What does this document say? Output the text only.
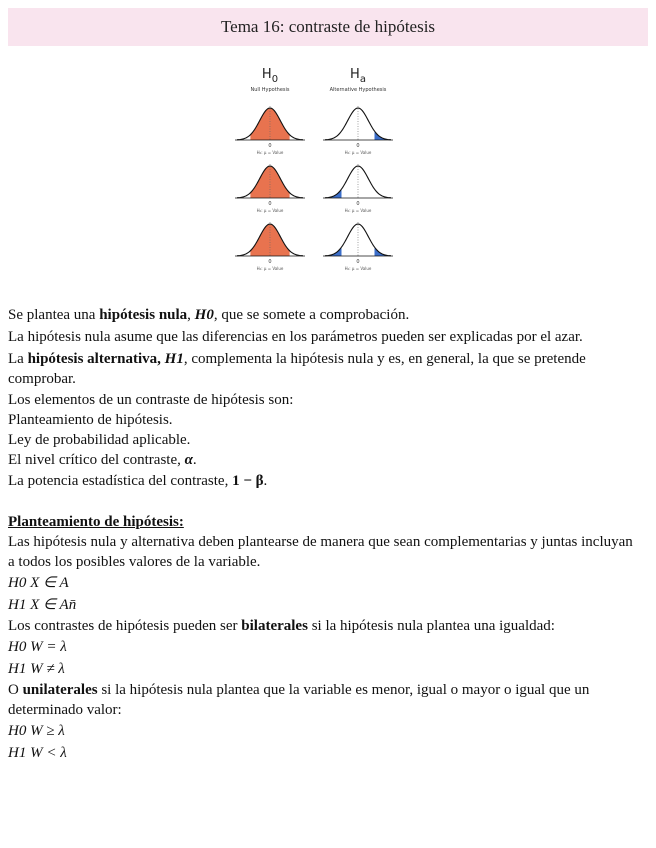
Tema 16: contraste de hipótesis
$H_0$
Null Hypothesis
$H_a$
Alternative Hypothesis
0
H₀: μ = Value
0
H₀: μ = Value
0
H₀: μ = Value
0
H₀: μ = Value
0
H₀: μ = Value
0
H₀: μ = Value

Se plantea una hipótesis nula, H0, que se somete a comprobación.

La hipótesis nula asume que las diferencias en los parámetros pueden ser explicadas por el azar.

La hipótesis alternativa, H1, complementa la hipótesis nula y es, en general, la que se pretende comprobar.

Los elementos de un contraste de hipótesis son:

Planteamiento de hipótesis.

Ley de probabilidad aplicable.

El nivel crítico del contraste, α.

La potencia estadística del contraste, 1 − β.

Planteamiento de hipótesis:

Las hipótesis nula y alternativa deben plantearse de manera que sean complementarias y juntas incluyan a todos los posibles valores de la variable.

H0 X ∈ A

H1 X ∈ An̄

Los contrastes de hipótesis pueden ser bilaterales si la hipótesis nula plantea una igualdad:

H0 W = λ

H1 W ≠ λ

O unilaterales si la hipótesis nula plantea que la variable es menor, igual o mayor o igual que un determinado valor:

H0 W ≥ λ

H1 W < λ
